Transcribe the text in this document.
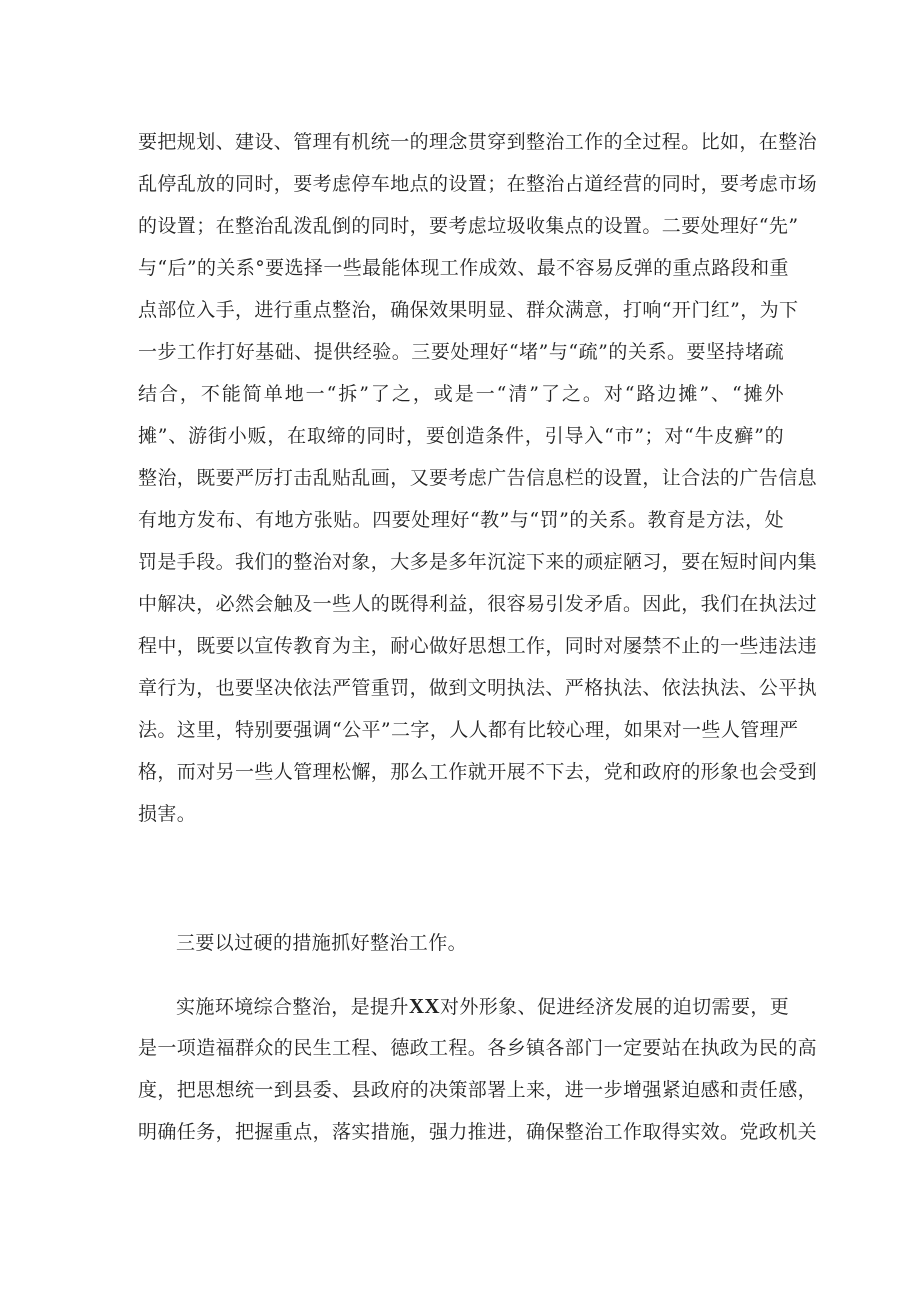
要把规划、建设、管理有机统一的理念贯穿到整治工作的全过程。比如，在整治
乱停乱放的同时，要考虑停车地点的设置；在整治占道经营的同时，要考虑市场
的设置；在整治乱泼乱倒的同时，要考虑垃圾收集点的设置。二要处理好“先”
与“后”的关系°要选择一些最能体现工作成效、最不容易反弹的重点路段和重
点部位入手，进行重点整治，确保效果明显、群众满意，打响“开门红”，为下
一步工作打好基础、提供经验。三要处理好“堵”与“疏”的关系。要坚持堵疏
结合，不能简单地一“拆”了之，或是一“清”了之。对“路边摊”、“摊外
摊”、游街小贩，在取缔的同时，要创造条件，引导入“市”；对“牛皮癣”的
整治，既要严厉打击乱贴乱画，又要考虑广告信息栏的设置，让合法的广告信息
有地方发布、有地方张贴。四要处理好“教”与“罚”的关系。教育是方法，处
罚是手段。我们的整治对象，大多是多年沉淀下来的顽症陋习，要在短时间内集
中解决，必然会触及一些人的既得利益，很容易引发矛盾。因此，我们在执法过
程中，既要以宣传教育为主，耐心做好思想工作，同时对屡禁不止的一些违法违
章行为，也要坚决依法严管重罚，做到文明执法、严格执法、依法执法、公平执
法。这里，特别要强调“公平”二字，人人都有比较心理，如果对一些人管理严
格，而对另一些人管理松懈，那么工作就开展不下去，党和政府的形象也会受到
损害。
三要以过硬的措施抓好整治工作。
实施环境综合整治，是提升XX对外形象、促进经济发展的迫切需要，更
是一项造福群众的民生工程、德政工程。各乡镇各部门一定要站在执政为民的高
度，把思想统一到县委、县政府的决策部署上来，进一步增强紧迫感和责任感，
明确任务，把握重点，落实措施，强力推进，确保整治工作取得实效。党政机关
